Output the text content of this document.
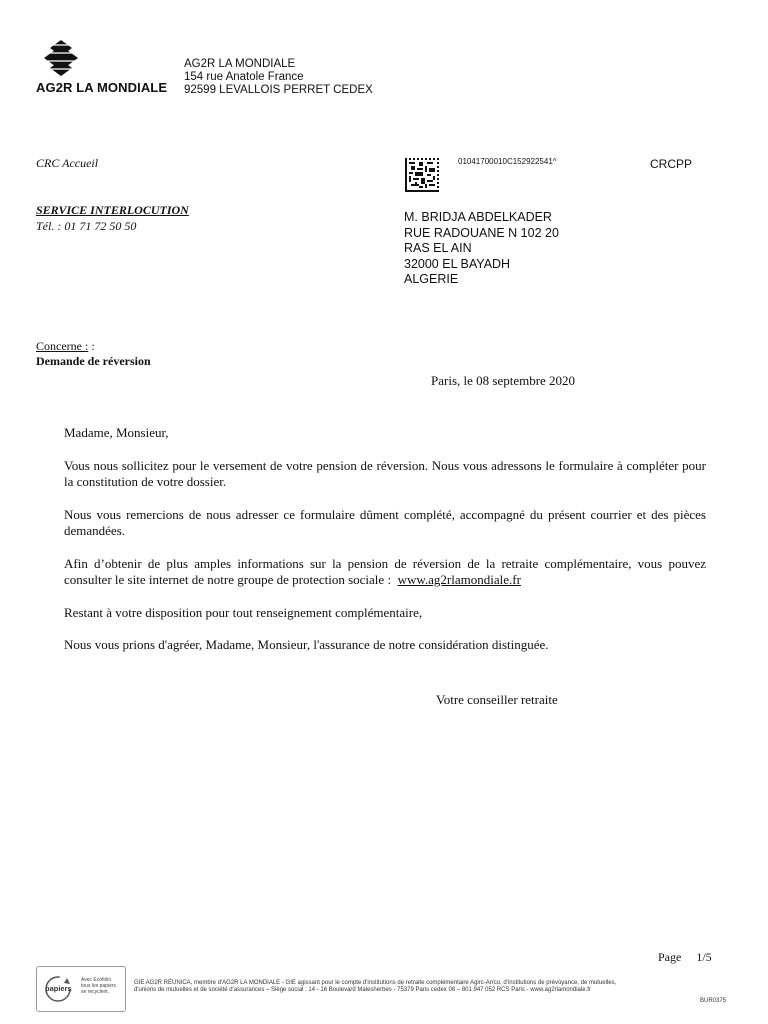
AG2R LA MONDIALE
AG2R LA MONDIALE
154 rue Anatole France
92599 LEVALLOIS PERRET CEDEX
CRC Accueil
SERVICE INTERLOCUTION
Tél. : 01 71 72 50 50
01041700010C152922541^	CRCPP
M. BRIDJA ABDELKADER
RUE RADOUANE N 102 20
RAS EL AIN
32000 EL BAYADH
ALGERIE
Concerne : :
Demande de réversion
Paris, le 08 septembre 2020

Madame, Monsieur,

Vous nous sollicitez pour le versement de votre pension de réversion. Nous vous adressons le formulaire à compléter pour la constitution de votre dossier.

Nous vous remercions de nous adresser ce formulaire dûment complété, accompagné du présent courrier et des pièces demandées.

Afin d’obtenir de plus amples informations sur la pension de réversion de la retraite complémentaire, vous pouvez consulter le site internet de notre groupe de protection sociale : www.ag2rlamondiale.fr

Restant à votre disposition pour tout renseignement complémentaire,

Nous vous prions d'agréer, Madame, Monsieur, l'assurance de notre considération distinguée.

Votre conseiller retraite
Page 1/5
papiers
Avec Ecofolio tous les papiers se recyclent.
GIE AG2R RÉUNICA, membre d'AG2R LA MONDIALE - GIE agissant pour le compte d'institutions de retraite complémentaire Agirc-Arrco, d'institutions de prévoyance, de mutuelles, d'unions de mutuelles et de société d'assurances – Siège social : 14 - 16 Boulevard Malesherbes - 75379 Paris cedex 08 – 801 947 052 RCS Paris - www.ag2rlamondiale.fr
BUR0375
